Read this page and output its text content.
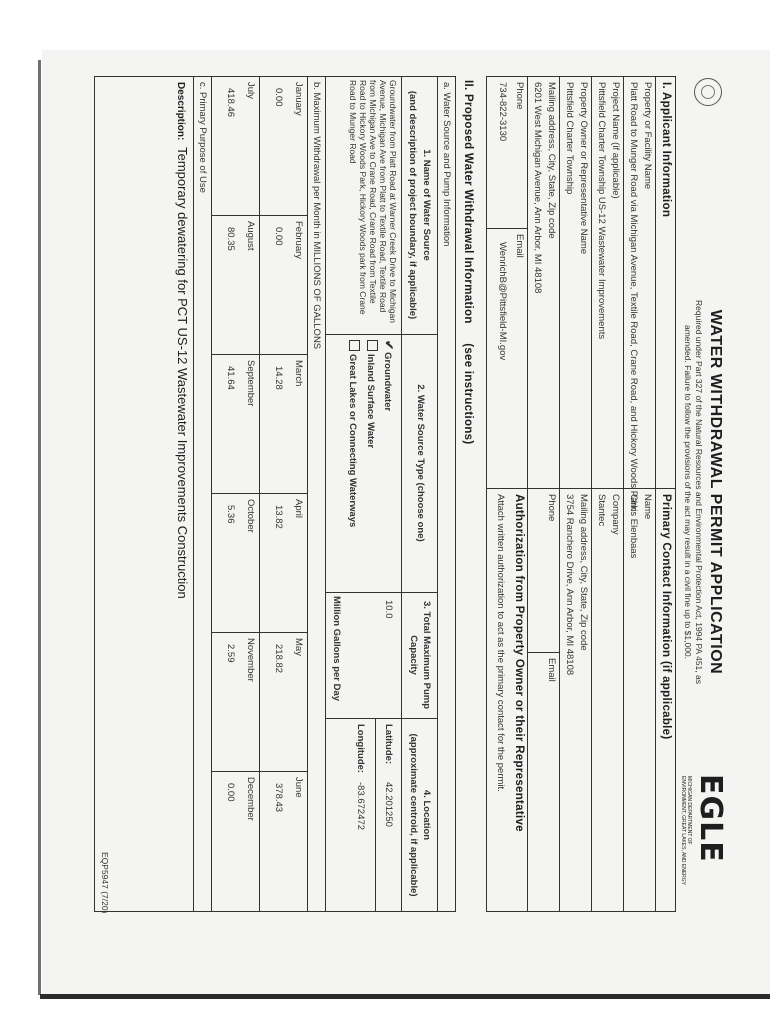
WATER WITHDRAWAL PERMIT APPLICATION
Required under Part 327 of the Natural Resources and Environmental Protection Act, 1994 PA 451, as
amended. Failure to follow the provisions of the act may result in a civil fine up to $1,000.
EGLE
MICHIGAN DEPARTMENT OF
ENVIRONMENT, GREAT LAKES, AND ENERGY
I. Applicant Information
Property or Facility Name
Platt Road to Munger Road via Michigan Avenue, Textile Road, Crane Road, and Hickory Woods Park
Project Name (if applicable)
Pittsfield Charter Township US-12 Wastewater Improvements
Property Owner or Representative Name
Pittsfield Charter Township
Mailing address, City, State, Zip code
6201 West Michigan Avenue, Ann Arbor, MI 48108
Phone
734-822-3130
Email
WenrichB@Pittsfield-MI.gov
Primary Contact Information (if applicable)
Name
Chris Elenbaas
Company
Stantec
Mailing address, City, State, Zip code
3754 Ranchero Drive, Ann Arbor, MI 48108
Phone
Email
Authorization from Property Owner or their Representative
Attach written authorization to act as the primary contact for the permit.
II. Proposed Water Withdrawal Information (see instructions)
a. Water Source and Pump Information
1. Name of Water Source
(and description of project boundary, if applicable)
Groundwater from Platt Road at Warner Creek Drive to Michigan
Avenue, Michigan Ave from Platt to Textile Road, Textile Road
from Michigan Ave to Crane Road, Crane Road from Textile
Road to Hickory Woods Park, Hickory Woods park from Crane
Road to Munger Road
2. Water Source Type (choose one)
✔Groundwater
Inland Surface Water
Great Lakes or Connecting Waterways
3. Total Maximum Pump
Capacity
10.0
Million Gallons per Day
4. Location
(approximate centroid, if applicable)
Latitude:
42.201250
Longitude:
-83.672472
b. Maximum Withdrawal per Month in MILLIONS OF GALLONS
January
0.00
February
0.00
March
14.28
April
13.82
May
218.82
June
378.43
July
418.46
August
80.35
September
41.64
October
5.36
November
2.59
December
0.00
c. Primary Purpose of Use
Description: Temporary dewatering for PCT US-12 Wastewater Improvements Construction
EQP5947 (7/20)
